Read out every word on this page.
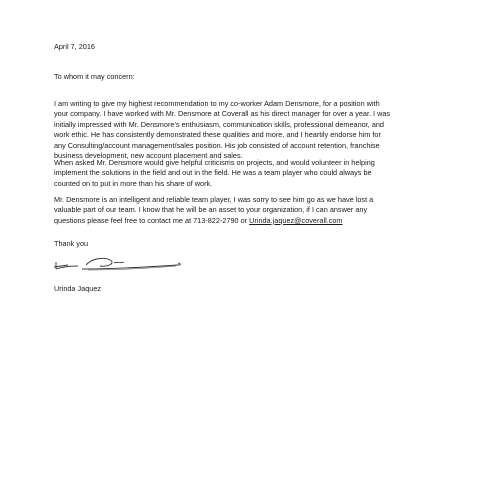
April 7, 2016

To whom it may concern:

I am writing to give my highest recommendation to my co-worker Adam Densmore, for a position with
your company. I have worked with Mr. Densmore at Coverall as his direct manager for over a year. I was
initially impressed with Mr. Densmore’s enthusiasm, communication skills, professional demeanor, and
work ethic. He has consistently demonstrated these qualities and more, and I heartily endorse him for
any Consulting/account management/sales position. His job consisted of account retention, franchise
business development, new account placement and sales.
When asked Mr. Densmore would give helpful criticisms on projects, and would volunteer in helping
implement the solutions in the field and out in the field. He was a team player who could always be
counted on to put in more than his share of work.
Mr. Densmore is an intelligent and reliable team player, I was sorry to see him go as we have lost a
valuable part of our team. I know that he will be an asset to your organization, if I can answer any
questions please feel free to contact me at 713-822-2790 or Urinda.jaquez@coverall.com

Thank you

Urinda Jaquez
